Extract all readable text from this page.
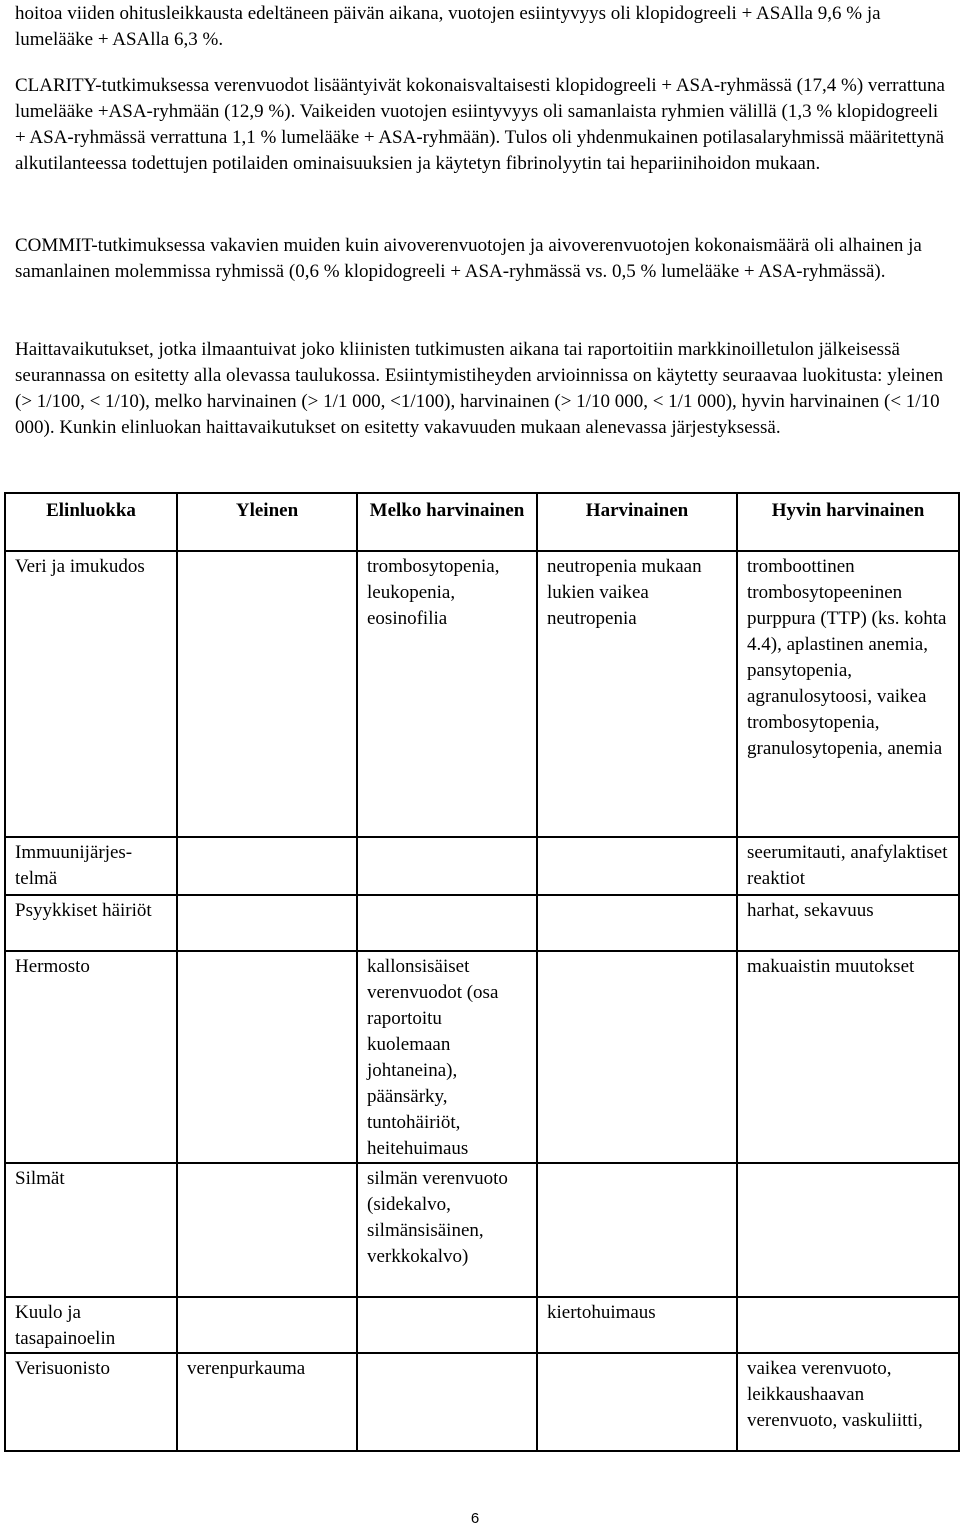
hoitoa viiden ohitusleikkausta edeltäneen päivän aikana, vuotojen esiintyvyys oli klopidogreeli + ASAlla 9,6 % ja lumelääke + ASAlla 6,3 %.

CLARITY-tutkimuksessa verenvuodot lisääntyivät kokonaisvaltaisesti klopidogreeli + ASA-ryhmässä (17,4 %) verrattuna lumelääke +ASA-ryhmään (12,9 %). Vaikeiden vuotojen esiintyvyys oli samanlaista ryhmien välillä (1,3 % klopidogreeli + ASA-ryhmässä verrattuna 1,1 % lumelääke + ASA-ryhmään). Tulos oli yhdenmukainen potilasalaryhmissä määritettynä alkutilanteessa todettujen potilaiden ominaisuuksien ja käytetyn fibrinolyytin tai hepariinihoidon mukaan.

COMMIT-tutkimuksessa vakavien muiden kuin aivoverenvuotojen ja aivoverenvuotojen kokonaismäärä oli alhainen ja samanlainen molemmissa ryhmissä (0,6 % klopidogreeli + ASA-ryhmässä vs. 0,5 % lumelääke + ASA-ryhmässä).

Haittavaikutukset, jotka ilmaantuivat joko kliinisten tutkimusten aikana tai raportoitiin markkinoilletulon jälkeisessä seurannassa on esitetty alla olevassa taulukossa. Esiintymistiheyden arvioinnissa on käytetty seuraavaa luokitusta: yleinen (> 1/100, < 1/10), melko harvinainen (> 1/1 000, <1/100), harvinainen (> 1/10 000, < 1/1 000), hyvin harvinainen (< 1/10 000). Kunkin elinluokan haittavaikutukset on esitetty vakavuuden mukaan alenevassa järjestyksessä.

Elinluokka	Yleinen	Melko harvinainen	Harvinainen	Hyvin harvinainen
Veri ja imukudos		trombosytopenia, leukopenia, eosinofilia	neutropenia mukaan lukien vaikea neutropenia	tromboottinen trombosytopeeninen purppura (TTP) (ks. kohta 4.4), aplastinen anemia, pansytopenia, agranulosytoosi, vaikea trombosytopenia, granulosytopenia, anemia
Immuunijärjes-
telmä				seerumitauti, anafylaktiset reaktiot
Psyykkiset häiriöt				harhat, sekavuus
Hermosto		kallonsisäiset verenvuodot (osa raportoitu kuolemaan johtaneina), päänsärky, tuntohäiriöt, heitehuimaus		makuaistin muutokset
Silmät		silmän verenvuoto (sidekalvo, silmänsisäinen, verkkokalvo)		
Kuulo ja tasapainoelin			kiertohuimaus	
Verisuonisto	verenpurkauma			vaikea verenvuoto, leikkaushaavan verenvuoto, vaskuliitti,
6
